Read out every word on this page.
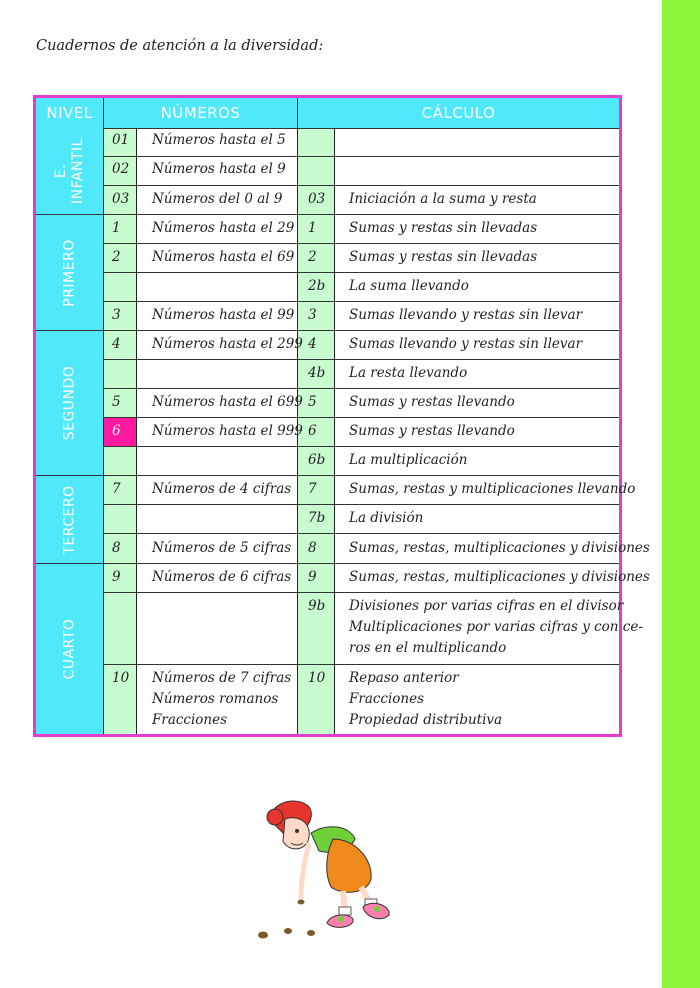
Cuadernos de atención a la diversidad:
NIVEL	NÚMEROS	CÁLCULO
E.
INFANTIL
PRIMERO
SEGUNDO
TERCERO
CUARTO
01 Números hasta el 5
02 Números hasta el 9
03 Números del 0 al 9 03 Iniciación a la suma y resta
1 Números hasta el 29 1 Sumas y restas sin llevadas
2 Números hasta el 69 2 Sumas y restas sin llevadas
2b La suma llevando
3 Números hasta el 99 3 Sumas llevando y restas sin llevar
4 Números hasta el 299 4 Sumas llevando y restas sin llevar
4b La resta llevando
5 Números hasta el 699 5 Sumas y restas llevando
6 Números hasta el 999 6 Sumas y restas llevando
6b La multiplicación
7 Números de 4 cifras 7 Sumas, restas y multiplicaciones llevando
7b La división
8 Números de 5 cifras 8 Sumas, restas, multiplicaciones y divisiones
9 Números de 6 cifras 9 Sumas, restas, multiplicaciones y divisiones
9b Divisiones por varias cifras en el divisor
Multiplicaciones por varias cifras y con ce-
ros en el multiplicando
10 Números de 7 cifras
Números romanos
Fracciones
10 Repaso anterior
Fracciones
Propiedad distributiva
